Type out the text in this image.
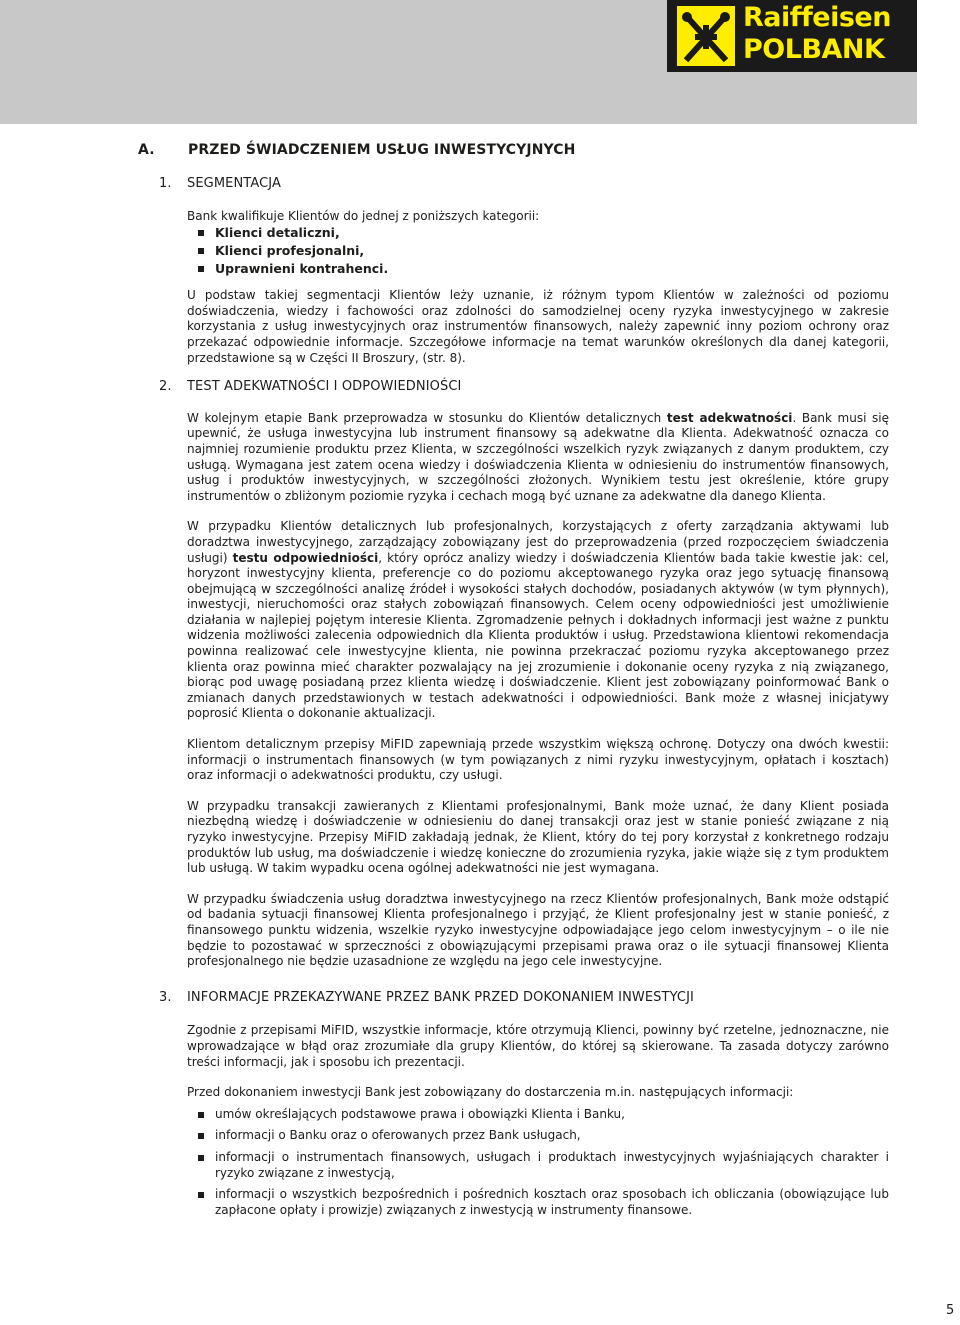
Raiffeisen
POLBANK
A. PRZED ŚWIADCZENIEM USŁUG INWESTYCYJNYCH
1. SEGMENTACJA

Bank kwalifikuje Klientów do jednej z poniższych kategorii:

Klienci detaliczni,
Klienci profesjonalni,
Uprawnieni kontrahenci.

U podstaw takiej segmentacji Klientów leży uznanie, iż różnym typom Klientów w zależności od poziomu doświadczenia, wiedzy i fachowości oraz zdolności do samodzielnej oceny ryzyka inwestycyjnego w zakresie korzystania z usług inwestycyjnych oraz instrumentów finansowych, należy zapewnić inny poziom ochrony oraz przekazać odpowiednie informacje. Szczegółowe informacje na temat warunków określonych dla danej kategorii, przedstawione są w Części II Broszury, (str. 8).

2. TEST ADEKWATNOŚCI I ODPOWIEDNIOŚCI

W kolejnym etapie Bank przeprowadza w stosunku do Klientów detalicznych test adekwatności. Bank musi się upewnić, że usługa inwestycyjna lub instrument finansowy są adekwatne dla Klienta. Adekwatność oznacza co najmniej rozumienie produktu przez Klienta, w szczególności wszelkich ryzyk związanych z danym produktem, czy usługą. Wymagana jest zatem ocena wiedzy i doświadczenia Klienta w odniesieniu do instrumentów finansowych, usług i produktów inwestycyjnych, w szczególności złożonych. Wynikiem testu jest określenie, które grupy instrumentów o zbliżonym poziomie ryzyka i cechach mogą być uznane za adekwatne dla danego Klienta.

W przypadku Klientów detalicznych lub profesjonalnych, korzystających z oferty zarządzania aktywami lub doradztwa inwestycyjnego, zarządzający zobowiązany jest do przeprowadzenia (przed rozpoczęciem świadczenia usługi) testu odpowiedniości, który oprócz analizy wiedzy i doświadczenia Klientów bada takie kwestie jak: cel, horyzont inwestycyjny klienta, preferencje co do poziomu akceptowanego ryzyka oraz jego sytuację finansową obejmującą w szczególności analizę źródeł i wysokości stałych dochodów, posiadanych aktywów (w tym płynnych), inwestycji, nieruchomości oraz stałych zobowiązań finansowych. Celem oceny odpowiedniości jest umożliwienie działania w najlepiej pojętym interesie Klienta. Zgromadzenie pełnych i dokładnych informacji jest ważne z punktu widzenia możliwości zalecenia odpowiednich dla Klienta produktów i usług. Przedstawiona klientowi rekomendacja powinna realizować cele inwestycyjne klienta, nie powinna przekraczać poziomu ryzyka akceptowanego przez klienta oraz powinna mieć charakter pozwalający na jej zrozumienie i dokonanie oceny ryzyka z nią związanego, biorąc pod uwagę posiadaną przez klienta wiedzę i doświadczenie. Klient jest zobowiązany poinformować Bank o zmianach danych przedstawionych w testach adekwatności i odpowiedniości. Bank może z własnej inicjatywy poprosić Klienta o dokonanie aktualizacji.

Klientom detalicznym przepisy MiFID zapewniają przede wszystkim większą ochronę. Dotyczy ona dwóch kwestii: informacji o instrumentach finansowych (w tym powiązanych z nimi ryzyku inwestycyjnym, opłatach i kosztach) oraz informacji o adekwatności produktu, czy usługi.

W przypadku transakcji zawieranych z Klientami profesjonalnymi, Bank może uznać, że dany Klient posiada niezbędną wiedzę i doświadczenie w odniesieniu do danej transakcji oraz jest w stanie ponieść związane z nią ryzyko inwestycyjne. Przepisy MiFID zakładają jednak, że Klient, który do tej pory korzystał z konkretnego rodzaju produktów lub usług, ma doświadczenie i wiedzę konieczne do zrozumienia ryzyka, jakie wiąże się z tym produktem lub usługą. W takim wypadku ocena ogólnej adekwatności nie jest wymagana.

W przypadku świadczenia usług doradztwa inwestycyjnego na rzecz Klientów profesjonalnych, Bank może odstąpić od badania sytuacji finansowej Klienta profesjonalnego i przyjąć, że Klient profesjonalny jest w stanie ponieść, z finansowego punktu widzenia, wszelkie ryzyko inwestycyjne odpowiadające jego celom inwestycyjnym – o ile nie będzie to pozostawać w sprzeczności z obowiązującymi przepisami prawa oraz o ile sytuacji finansowej Klienta profesjonalnego nie będzie uzasadnione ze względu na jego cele inwestycyjne.

3. INFORMACJE PRZEKAZYWANE PRZEZ BANK PRZED DOKONANIEM INWESTYCJI

Zgodnie z przepisami MiFID, wszystkie informacje, które otrzymują Klienci, powinny być rzetelne, jednoznaczne, nie wprowadzające w błąd oraz zrozumiałe dla grupy Klientów, do której są skierowane. Ta zasada dotyczy zarówno treści informacji, jak i sposobu ich prezentacji.

Przed dokonaniem inwestycji Bank jest zobowiązany do dostarczenia m.in. następujących informacji:

umów określających podstawowe prawa i obowiązki Klienta i Banku,
informacji o Banku oraz o oferowanych przez Bank usługach,
informacji o instrumentach finansowych, usługach i produktach inwestycyjnych wyjaśniających charakter i ryzyko związane z inwestycją,
informacji o wszystkich bezpośrednich i pośrednich kosztach oraz sposobach ich obliczania (obowiązujące lub zapłacone opłaty i prowizje) związanych z inwestycją w instrumenty finansowe.
5
